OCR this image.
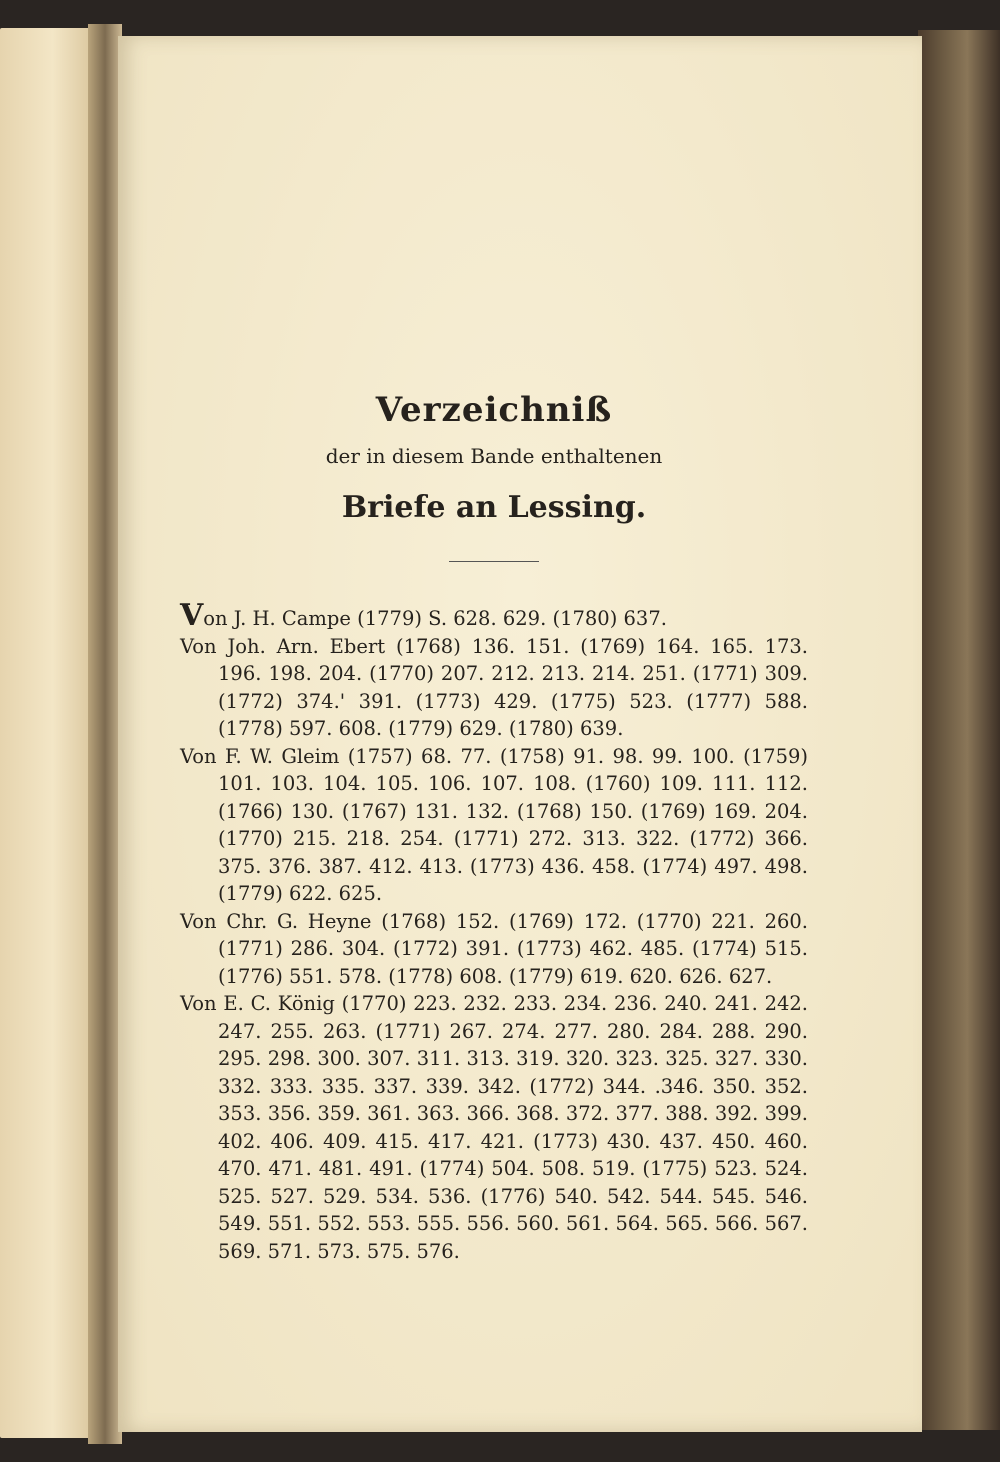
Verzeichniß
der in diesem Bande enthaltenen
Briefe an Lessing.

Von J. H. Campe (1779) S. 628. 629. (1780) 637.

Von Joh. Arn. Ebert (1768) 136. 151. (1769) 164. 165. 173. 196. 198. 204. (1770) 207. 212. 213. 214. 251. (1771) 309. (1772) 374.' 391. (1773) 429. (1775) 523. (1777) 588. (1778) 597. 608. (1779) 629. (1780) 639.

Von F. W. Gleim (1757) 68. 77. (1758) 91. 98. 99. 100. (1759) 101. 103. 104. 105. 106. 107. 108. (1760) 109. 111. 112. (1766) 130. (1767) 131. 132. (1768) 150. (1769) 169. 204. (1770) 215. 218. 254. (1771) 272. 313. 322. (1772) 366. 375. 376. 387. 412. 413. (1773) 436. 458. (1774) 497. 498. (1779) 622. 625.

Von Chr. G. Heyne (1768) 152. (1769) 172. (1770) 221. 260. (1771) 286. 304. (1772) 391. (1773) 462. 485. (1774) 515. (1776) 551. 578. (1778) 608. (1779) 619. 620. 626. 627.

Von E. C. König (1770) 223. 232. 233. 234. 236. 240. 241. 242. 247. 255. 263. (1771) 267. 274. 277. 280. 284. 288. 290. 295. 298. 300. 307. 311. 313. 319. 320. 323. 325. 327. 330. 332. 333. 335. 337. 339. 342. (1772) 344. .346. 350. 352. 353. 356. 359. 361. 363. 366. 368. 372. 377. 388. 392. 399. 402. 406. 409. 415. 417. 421. (1773) 430. 437. 450. 460. 470. 471. 481. 491. (1774) 504. 508. 519. (1775) 523. 524. 525. 527. 529. 534. 536. (1776) 540. 542. 544. 545. 546. 549. 551. 552. 553. 555. 556. 560. 561. 564. 565. 566. 567. 569. 571. 573. 575. 576.
